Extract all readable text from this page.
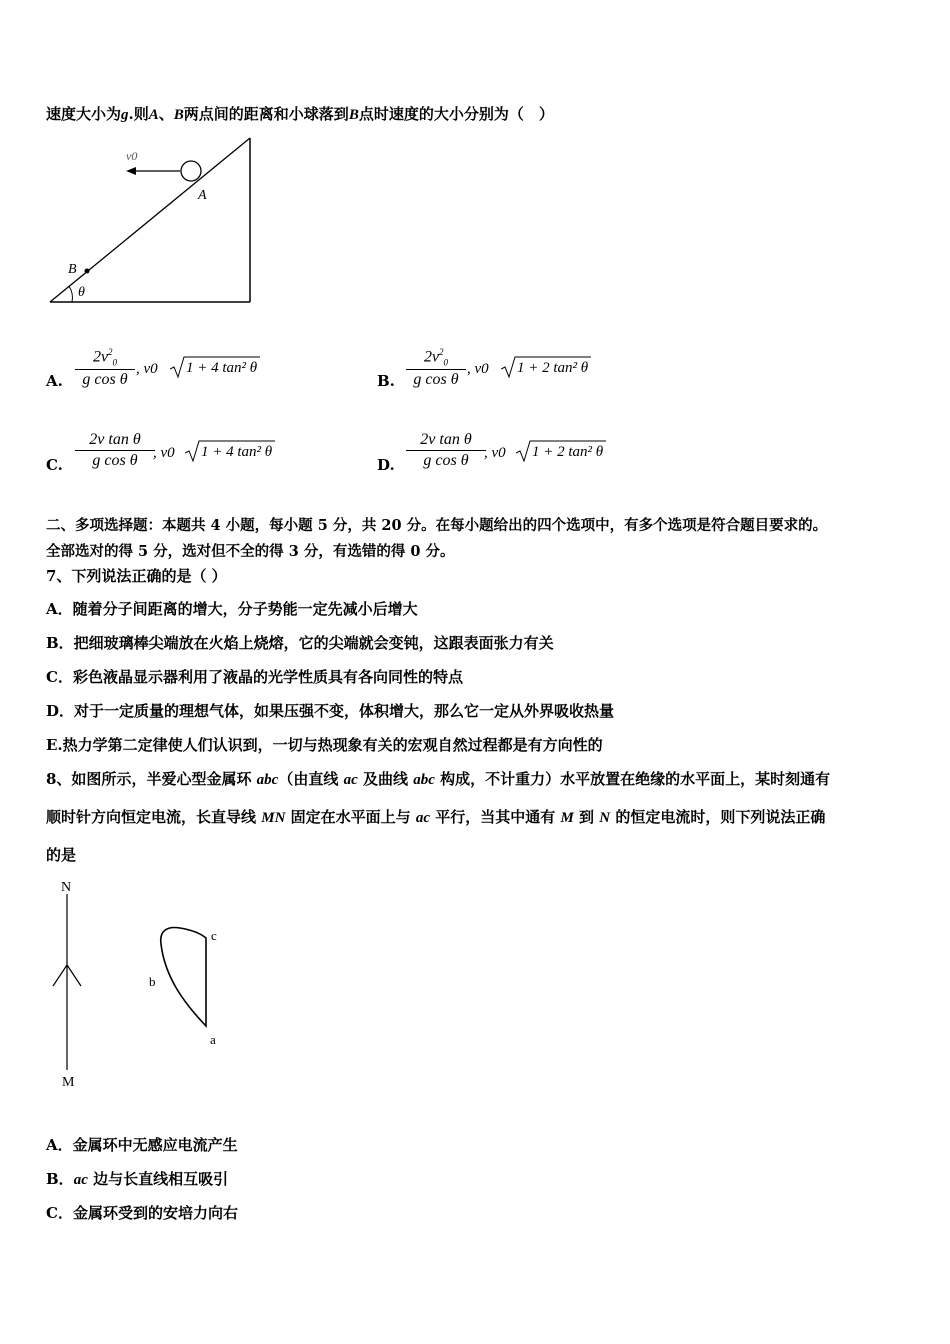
速度大小为g.则A、B两点间的距离和小球落到B点时速度的大小分别为（　）
v0
A
B
θ
A.
$2v^2_0$
g cos θ
, v0 1 + 4 tan² θ
B.
$2v^2_0$
g cos θ
, v0 1 + 2 tan² θ
C.
2v tan θ
g cos θ	, v0 1 + 4 tan² θ
D.
2v tan θ
g cos θ	, v0 1 + 2 tan² θ
二、多项选择题：本题共 4 小题，每小题 5 分，共 20 分。在每小题给出的四个选项中，有多个选项是符合题目要求的。
全部选对的得 5 分，选对但不全的得 3 分，有选错的得 0 分。
7、下列说法正确的是（ ）
A．随着分子间距离的增大，分子势能一定先减小后增大
B．把细玻璃棒尖端放在火焰上烧熔，它的尖端就会变钝，这跟表面张力有关
C．彩色液晶显示器利用了液晶的光学性质具有各向同性的特点
D．对于一定质量的理想气体，如果压强不变，体积增大，那么它一定从外界吸收热量
E.热力学第二定律使人们认识到，一切与热现象有关的宏观自然过程都是有方向性的
8、如图所示，半爱心型金属环 abc（由直线 ac 及曲线 abc 构成，不计重力）水平放置在绝缘的水平面上，某时刻通有
顺时针方向恒定电流，长直导线 MN 固定在水平面上与 ac 平行，当其中通有 M 到 N 的恒定电流时，则下列说法正确
的是
N
M
c
b
a
A．金属环中无感应电流产生
B．ac 边与长直线相互吸引
C．金属环受到的安培力向右
